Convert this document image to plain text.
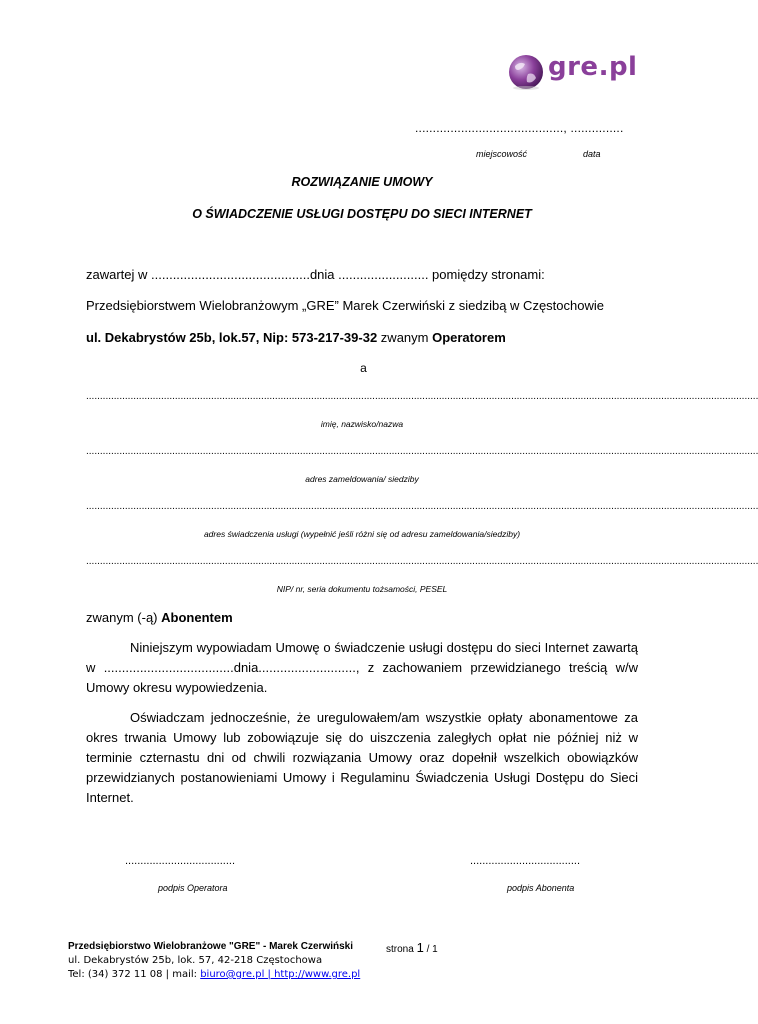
gre.pl
.........................................., ...............
miejscowość	data
ROZWIĄZANIE UMOWY
O ŚWIADCZENIE USŁUGI DOSTĘPU DO SIECI INTERNET
zawartej w ............................................dnia ......................... pomiędzy stronami:
Przedsiębiorstwem Wielobranżowym „GRE” Marek Czerwiński z siedzibą w Częstochowie
ul. Dekabrystów 25b, lok.57, Nip: 573-217-39-32 zwanym Operatorem
a
..................................................................................................................................................................................................................................................
imię, nazwisko/nazwa
..................................................................................................................................................................................................................................................
adres zameldowania/ siedziby
..................................................................................................................................................................................................................................................
adres świadczenia usługi (wypełnić jeśli różni się od adresu zameldowania/siedziby)
..................................................................................................................................................................................................................................................
NIP/ nr, seria dokumentu tożsamości, PESEL
zwanym (-ą) Abonentem
Niniejszym wypowiadam Umowę o świadczenie usługi dostępu do sieci Internet zawartą w ....................................dnia..........................., z zachowaniem przewidzianego treścią w/w Umowy okresu wypowiedzenia.
Oświadczam jednocześnie, że uregulowałem/am wszystkie opłaty abonamentowe za okres trwania Umowy lub zobowiązuje się do uiszczenia zaległych opłat nie później niż w terminie czternastu dni od chwili rozwiązania Umowy oraz dopełnił wszelkich obowiązków przewidzianych postanowieniami Umowy i Regulaminu Świadczenia Usługi Dostępu do Sieci Internet.
....................................	....................................
podpis Operatora	podpis Abonenta
Przedsiębiorstwo Wielobranżowe "GRE" - Marek Czerwiński
ul. Dekabrystów 25b, lok. 57, 42-218 Częstochowa
Tel: (34) 372 11 08 | mail: biuro@gre.pl | http://www.gre.pl
strona 1 / 1
